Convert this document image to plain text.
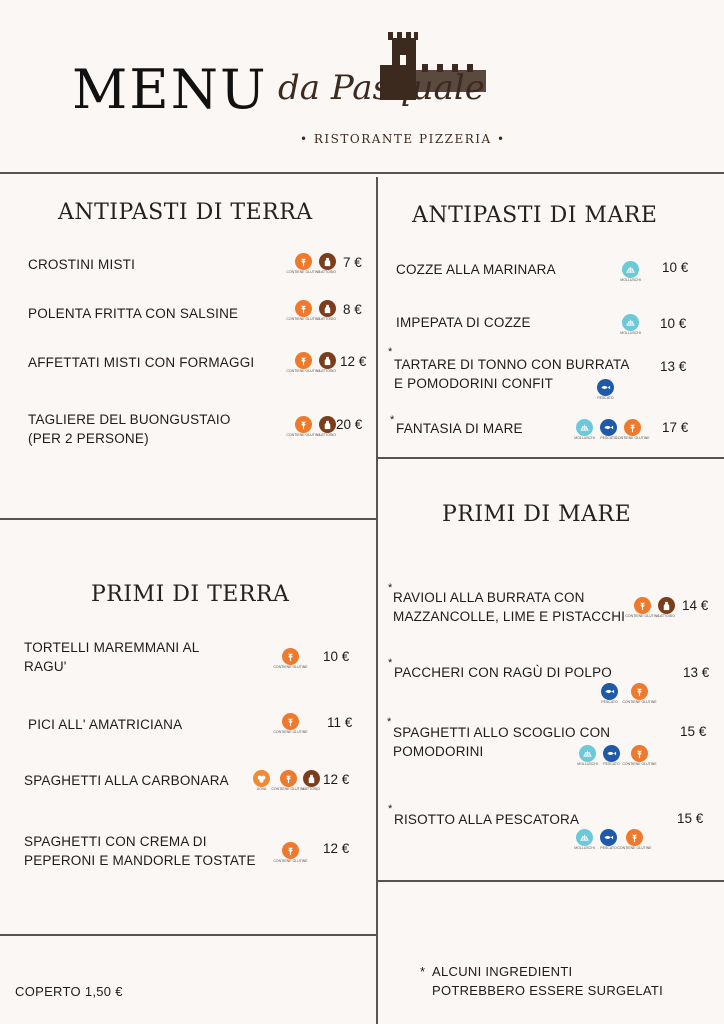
MENU da Pasquale
• RISTORANTE PIZZERIA •
ANTIPASTI DI TERRA
CROSTINI MISTI	7 €
POLENTA FRITTA CON SALSINE	8 €
AFFETTATI MISTI CON FORMAGGI	12 €
TAGLIERE DEL BUONGUSTAIO
(PER 2 PERSONE)
20 €
ANTIPASTI DI MARE
COZZE ALLA MARINARA	10 €
IMPEPATA DI COZZE	10 €
*
TARTARE DI TONNO CON BURRATA
E POMODORINI CONFIT
13 €
*
FANTASIA DI MARE	17 €
PRIMI DI MARE
*
RAVIOLI ALLA BURRATA CON
MAZZANCOLLE, LIME E PISTACCHI
14 €
*
PACCHERI CON RAGÙ DI POLPO	13 €
*
SPAGHETTI ALLO SCOGLIO CON
POMODORINI
15 €
*
RISOTTO ALLA PESCATORA	15 €
PRIMI DI TERRA
TORTELLI MAREMMANI AL
RAGU'
10 €
PICI ALL' AMATRICIANA	11 €
SPAGHETTI ALLA CARBONARA	12 €
SPAGHETTI CON CREMA DI
PEPERONI E MANDORLE TOSTATE
12 €
COPERTO 1,50 €
* ALCUNI INGREDIENTI
POTREBBERO ESSERE SURGELATI
CONTIENE GLUTINE
LATTOSIO
CONTIENE GLUTINE
LATTOSIO
CONTIENE GLUTINE
LATTOSIO
CONTIENE GLUTINE
LATTOSIO
MOLLUSCHI
MOLLUSCHI
PESCATO
MOLLUSCHI PESCATO
CONTIENE GLUTINE
CONTIENE GLUTINE
LATTOSIO
PESCATO CONTIENE GLUTINE
MOLLUSCHI PESCATO CONTIENE GLUTINE
MOLLUSCHI PESCATO CONTIENE GLUTINE
CONTIENE GLUTINE
CONTIENE GLUTINE
UOVA CONTIENE GLUTINE
LATTOSIO
CONTIENE GLUTINE
